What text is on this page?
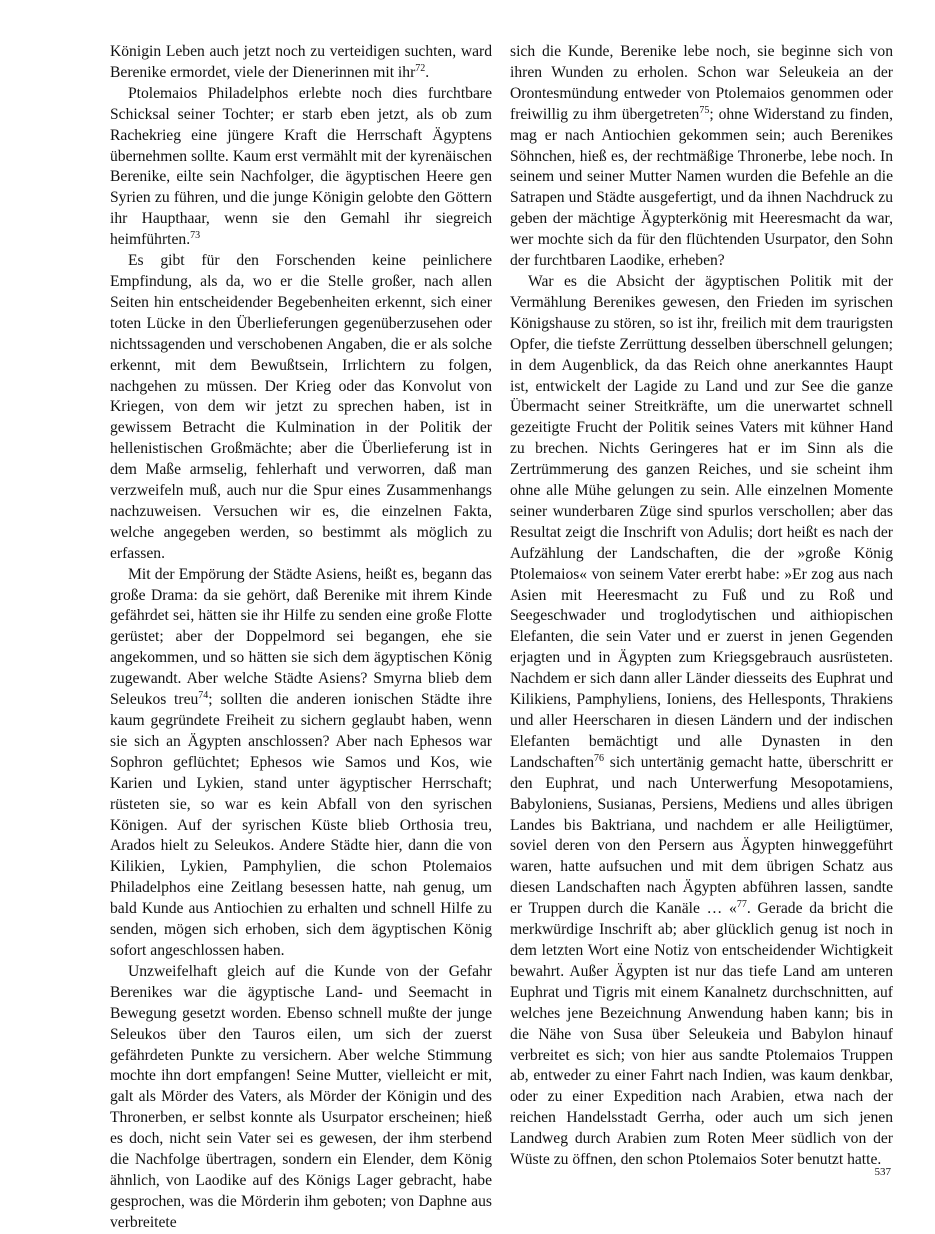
Königin Leben auch jetzt noch zu verteidigen suchten, ward Berenike ermordet, viele der Dienerinnen mit ihr$^{72}$.

Ptolemaios Philadelphos erlebte noch dies furchtbare Schicksal seiner Tochter; er starb eben jetzt, als ob zum Rachekrieg eine jüngere Kraft die Herrschaft Ägyptens übernehmen sollte. Kaum erst vermählt mit der kyrenäischen Berenike, eilte sein Nachfolger, die ägyptischen Heere gen Syrien zu führen, und die junge Königin gelobte den Göttern ihr Haupthaar, wenn sie den Gemahl ihr siegreich heimführten.$^{73}$

Es gibt für den Forschenden keine peinlichere Empfindung, als da, wo er die Stelle großer, nach allen Seiten hin entscheidender Begebenheiten erkennt, sich einer toten Lücke in den Überlieferungen gegenüberzusehen oder nichtssagenden und verschobenen Angaben, die er als solche erkennt, mit dem Bewußtsein, Irrlichtern zu folgen, nachgehen zu müssen. Der Krieg oder das Konvolut von Kriegen, von dem wir jetzt zu sprechen haben, ist in gewissem Betracht die Kulmination in der Politik der hellenistischen Großmächte; aber die Überlieferung ist in dem Maße armselig, fehlerhaft und verworren, daß man verzweifeln muß, auch nur die Spur eines Zusammenhangs nachzuweisen. Versuchen wir es, die einzelnen Fakta, welche angegeben werden, so bestimmt als möglich zu erfassen.

Mit der Empörung der Städte Asiens, heißt es, begann das große Drama: da sie gehört, daß Berenike mit ihrem Kinde gefährdet sei, hätten sie ihr Hilfe zu senden eine große Flotte gerüstet; aber der Doppelmord sei begangen, ehe sie angekommen, und so hätten sie sich dem ägyptischen König zugewandt. Aber welche Städte Asiens? Smyrna blieb dem Seleukos treu$^{74}$; sollten die anderen ionischen Städte ihre kaum gegründete Freiheit zu sichern geglaubt haben, wenn sie sich an Ägypten anschlossen? Aber nach Ephesos war Sophron geflüchtet; Ephesos wie Samos und Kos, wie Karien und Lykien, stand unter ägyptischer Herrschaft; rüsteten sie, so war es kein Abfall von den syrischen Königen. Auf der syrischen Küste blieb Orthosia treu, Arados hielt zu Seleukos. Andere Städte hier, dann die von Kilikien, Lykien, Pamphylien, die schon Ptolemaios Philadelphos eine Zeitlang besessen hatte, nah genug, um bald Kunde aus Antiochien zu erhalten und schnell Hilfe zu senden, mögen sich erhoben, sich dem ägyptischen König sofort angeschlossen haben.

Unzweifelhaft gleich auf die Kunde von der Gefahr Berenikes war die ägyptische Land- und Seemacht in Bewegung gesetzt worden. Ebenso schnell mußte der junge Seleukos über den Tauros eilen, um sich der zuerst gefährdeten Punkte zu versichern. Aber welche Stimmung mochte ihn dort empfangen! Seine Mutter, vielleicht er mit, galt als Mörder des Vaters, als Mörder der Königin und des Thronerben, er selbst konnte als Usurpator erscheinen; hieß es doch, nicht sein Vater sei es gewesen, der ihm sterbend die Nachfolge übertragen, sondern ein Elender, dem König ähnlich, von Laodike auf des Königs Lager gebracht, habe gesprochen, was die Mörderin ihm geboten; von Daphne aus verbreitete

sich die Kunde, Berenike lebe noch, sie beginne sich von ihren Wunden zu erholen. Schon war Seleukeia an der Orontesmündung entweder von Ptolemaios genommen oder freiwillig zu ihm übergetreten$^{75}$; ohne Widerstand zu finden, mag er nach Antiochien gekommen sein; auch Berenikes Söhnchen, hieß es, der rechtmäßige Thronerbe, lebe noch. In seinem und seiner Mutter Namen wurden die Befehle an die Satrapen und Städte ausgefertigt, und da ihnen Nachdruck zu geben der mächtige Ägypterkönig mit Heeresmacht da war, wer mochte sich da für den flüchtenden Usurpator, den Sohn der furchtbaren Laodike, erheben?

War es die Absicht der ägyptischen Politik mit der Vermählung Berenikes gewesen, den Frieden im syrischen Königshause zu stören, so ist ihr, freilich mit dem traurigsten Opfer, die tiefste Zerrüttung desselben überschnell gelungen; in dem Augenblick, da das Reich ohne anerkanntes Haupt ist, entwickelt der Lagide zu Land und zur See die ganze Übermacht seiner Streitkräfte, um die unerwartet schnell gezeitigte Frucht der Politik seines Vaters mit kühner Hand zu brechen. Nichts Geringeres hat er im Sinn als die Zertrümmerung des ganzen Reiches, und sie scheint ihm ohne alle Mühe gelungen zu sein. Alle einzelnen Momente seiner wunderbaren Züge sind spurlos verschollen; aber das Resultat zeigt die Inschrift von Adulis; dort heißt es nach der Aufzählung der Landschaften, die der »große König Ptolemaios« von seinem Vater ererbt habe: »Er zog aus nach Asien mit Heeresmacht zu Fuß und zu Roß und Seegeschwader und troglodytischen und aithiopischen Elefanten, die sein Vater und er zuerst in jenen Gegenden erjagten und in Ägypten zum Kriegsgebrauch ausrüsteten. Nachdem er sich dann aller Länder diesseits des Euphrat und Kilikiens, Pamphyliens, Ioniens, des Hellesponts, Thrakiens und aller Heerscharen in diesen Ländern und der indischen Elefanten bemächtigt und alle Dynasten in den Landschaften$^{76}$ sich untertänig gemacht hatte, überschritt er den Euphrat, und nach Unterwerfung Mesopotamiens, Babyloniens, Susianas, Persiens, Mediens und alles übrigen Landes bis Baktriana, und nachdem er alle Heiligtümer, soviel deren von den Persern aus Ägypten hinweggeführt waren, hatte aufsuchen und mit dem übrigen Schatz aus diesen Landschaften nach Ägypten abführen lassen, sandte er Truppen durch die Kanäle … «$^{77}$. Gerade da bricht die merkwürdige Inschrift ab; aber glücklich genug ist noch in dem letzten Wort eine Notiz von entscheidender Wichtigkeit bewahrt. Außer Ägypten ist nur das tiefe Land am unteren Euphrat und Tigris mit einem Kanalnetz durchschnitten, auf welches jene Bezeichnung Anwendung haben kann; bis in die Nähe von Susa über Seleukeia und Babylon hinauf verbreitet es sich; von hier aus sandte Ptolemaios Truppen ab, entweder zu einer Fahrt nach Indien, was kaum denkbar, oder zu einer Expedition nach Arabien, etwa nach der reichen Handelsstadt Gerrha, oder auch um sich jenen Landweg durch Arabien zum Roten Meer südlich von der Wüste zu öffnen, den schon Ptolemaios Soter benutzt hatte.

537
